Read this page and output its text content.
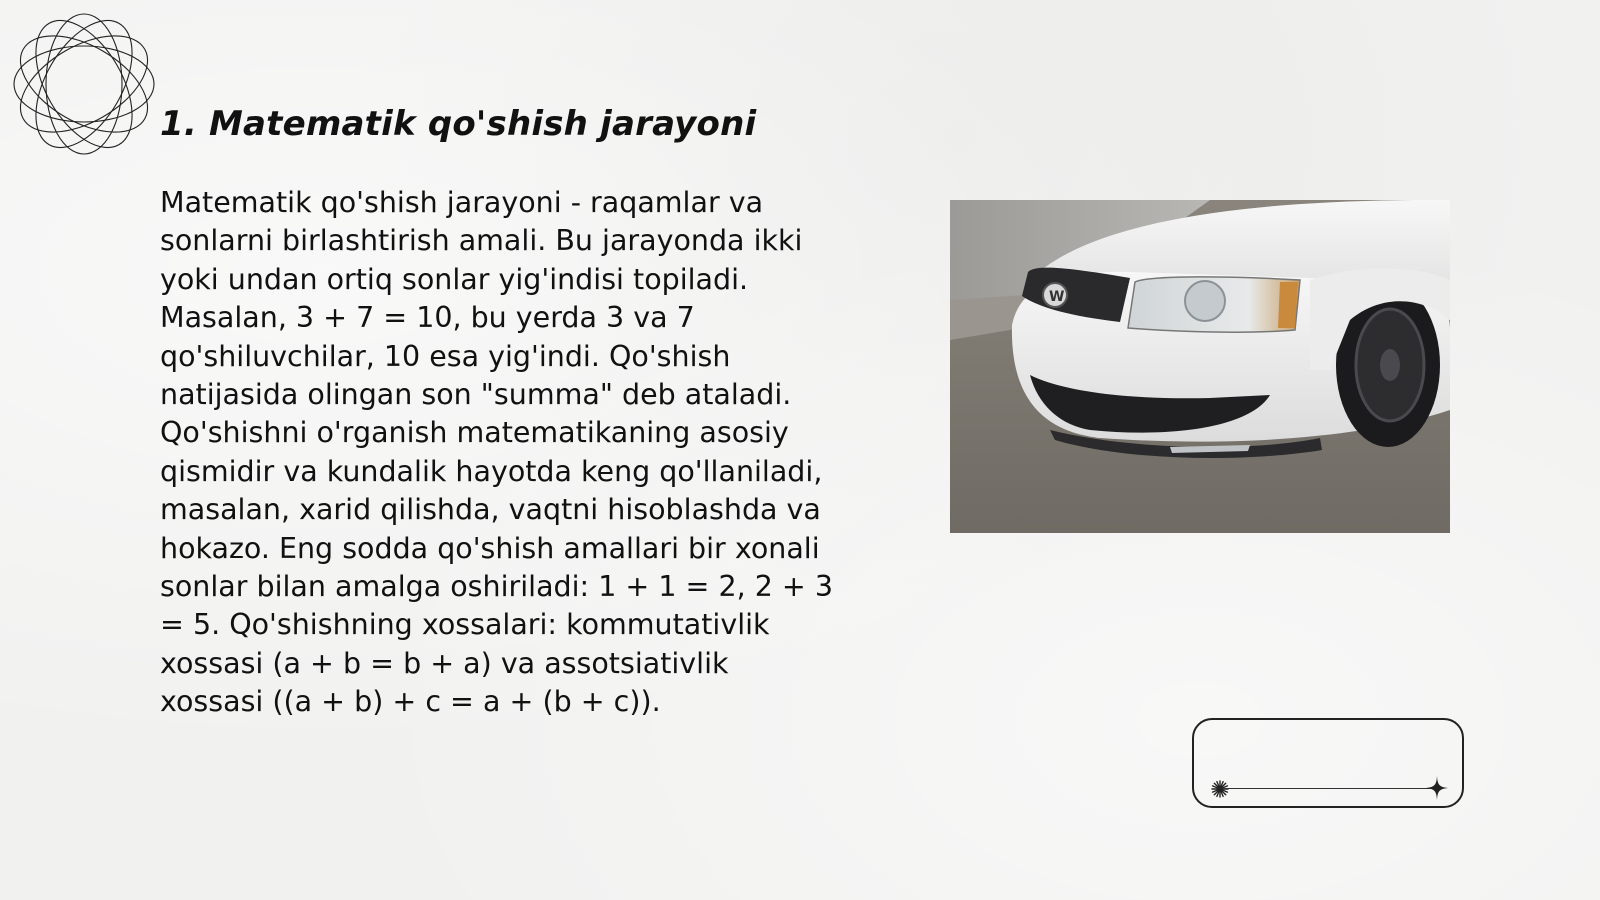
1. Matematik qo'shish jarayoni

Matematik qo'shish jarayoni - raqamlar va sonlarni birlashtirish amali. Bu jarayonda ikki yoki undan ortiq sonlar yig'indisi topiladi. Masalan, 3 + 7 = 10, bu yerda 3 va 7 qo'shiluvchilar, 10 esa yig'indi. Qo'shish natijasida olingan son "summa" deb ataladi. Qo'shishni o'rganish matematikaning asosiy qismidir va kundalik hayotda keng qo'llaniladi, masalan, xarid qilishda, vaqtni hisoblashda va hokazo. Eng sodda qo'shish amallari bir xonali sonlar bilan amalga oshiriladi: 1 + 1 = 2, 2 + 3 = 5. Qo'shishning xossalari: kommutativlik xossasi (a + b = b + a) va assotsiativlik xossasi ((a + b) + c = a + (b + c)).

W
